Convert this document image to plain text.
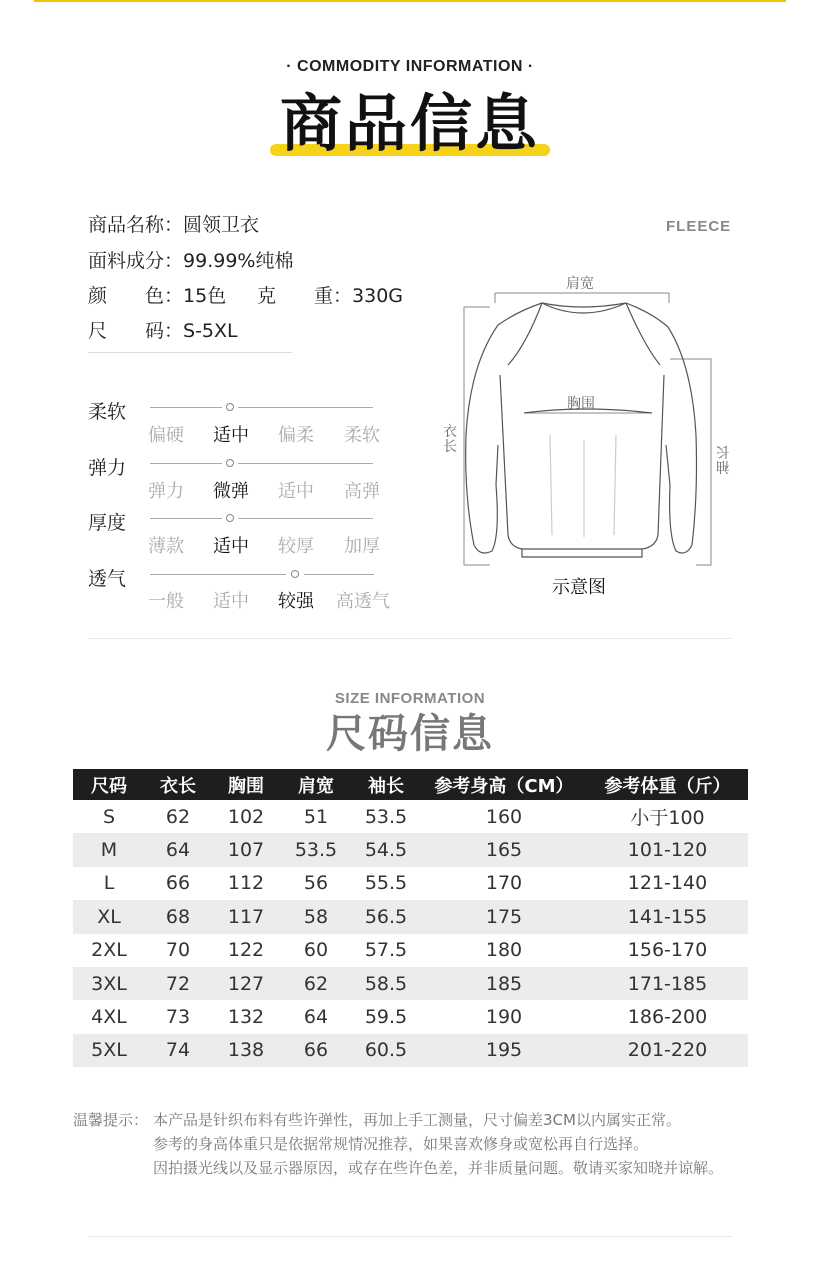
· COMMODITY INFORMATION ·
商品信息
商品名称：圆领卫衣
面料成分：99.99%纯棉
颜　　色：15色 克　　重：330G
尺　　码：S-5XL
柔软
偏硬	适中	偏柔	柔软
弹力
弹力	微弹	适中	高弹
厚度
薄款	适中	较厚	加厚
透气
一般	适中	较强	高透气
FLEECE
肩宽
胸围
衣长
袖长
示意图
SIZE INFORMATION
尺码信息
尺码	衣长	胸围	肩宽	袖长	参考身高（CM）	参考体重（斤）
S	62	102	51	53.5	160	小于100
M	64	107	53.5	54.5	165	101-120
L	66	112	56	55.5	170	121-140
XL	68	117	58	56.5	175	141-155
2XL	70	122	60	57.5	180	156-170
3XL	72	127	62	58.5	185	171-185
4XL	73	132	64	59.5	190	186-200
5XL	74	138	66	60.5	195	201-220
温馨提示： 本产品是针织布料有些许弹性，再加上手工测量，尺寸偏差3CM以内属实正常。
参考的身高体重只是依据常规情况推荐，如果喜欢修身或宽松再自行选择。
因拍摄光线以及显示器原因，或存在些许色差，并非质量问题。敬请买家知晓并谅解。
